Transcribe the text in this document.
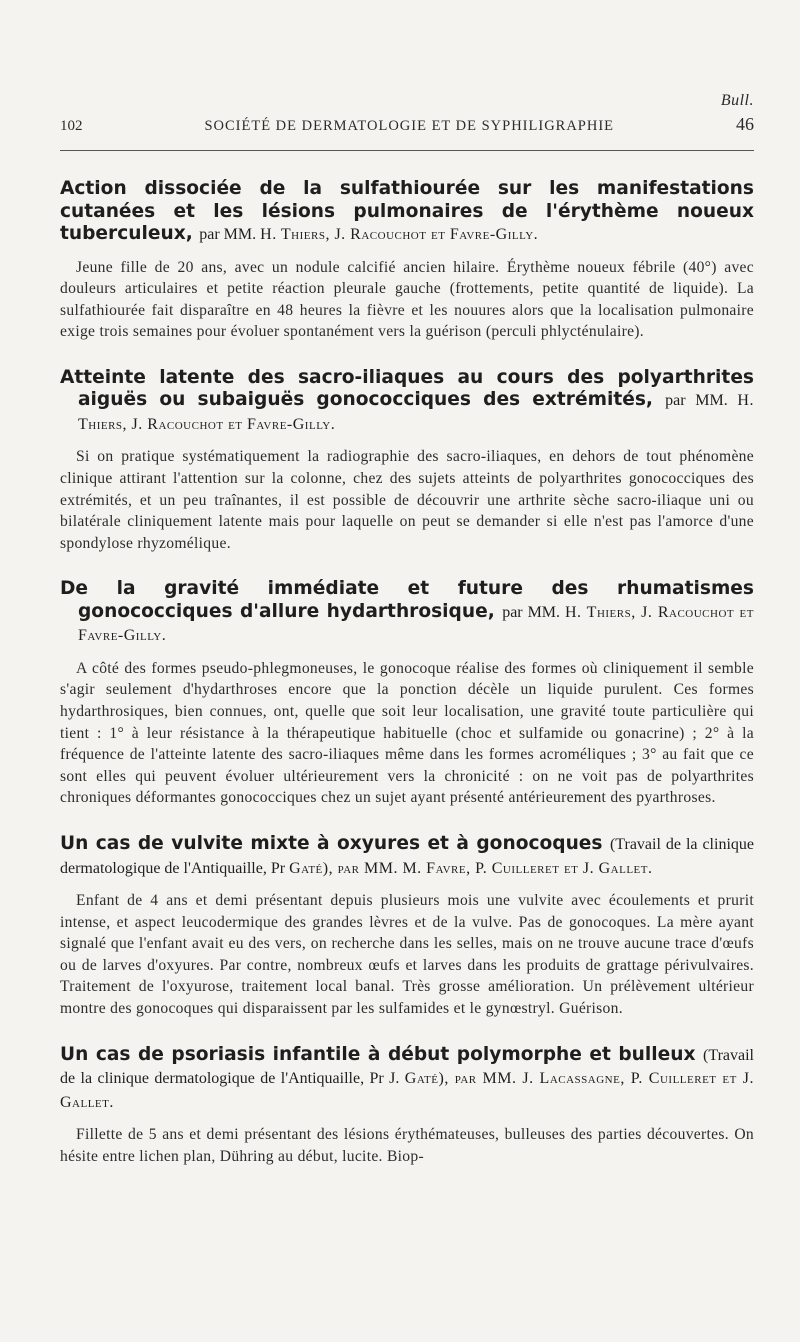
Bull.
102	SOCIÉTÉ DE DERMATOLOGIE ET DE SYPHILIGRAPHIE	46

Action dissociée de la sulfathiourée sur les manifestations cutanées et les lésions pulmonaires de l'érythème noueux tuberculeux, par MM. H. Thiers, J. Racouchot et Favre-Gilly.

Jeune fille de 20 ans, avec un nodule calcifié ancien hilaire. Érythème noueux fébrile (40°) avec douleurs articulaires et petite réaction pleurale gauche (frottements, petite quantité de liquide). La sulfathiourée fait disparaître en 48 heures la fièvre et les nouures alors que la localisation pulmonaire exige trois semaines pour évoluer spontanément vers la guérison (perculi phlycténulaire).

Atteinte latente des sacro-iliaques au cours des polyarthrites aiguës ou subaiguës gonococciques des extrémités, par MM. H. Thiers, J. Racouchot et Favre-Gilly.

Si on pratique systématiquement la radiographie des sacro-iliaques, en dehors de tout phénomène clinique attirant l'attention sur la colonne, chez des sujets atteints de polyarthrites gonococciques des extrémités, et un peu traînantes, il est possible de découvrir une arthrite sèche sacro-iliaque uni ou bilatérale cliniquement latente mais pour laquelle on peut se demander si elle n'est pas l'amorce d'une spondylose rhyzomélique.

De la gravité immédiate et future des rhumatismes gonococciques d'allure hydarthrosique, par MM. H. Thiers, J. Racouchot et Favre-Gilly.

A côté des formes pseudo-phlegmoneuses, le gonocoque réalise des formes où cliniquement il semble s'agir seulement d'hydarthroses encore que la ponction décèle un liquide purulent. Ces formes hydarthrosiques, bien connues, ont, quelle que soit leur localisation, une gravité toute particulière qui tient : 1° à leur résistance à la thérapeutique habituelle (choc et sulfamide ou gonacrine) ; 2° à la fréquence de l'atteinte latente des sacro-iliaques même dans les formes acroméliques ; 3° au fait que ce sont elles qui peuvent évoluer ultérieurement vers la chronicité : on ne voit pas de polyarthrites chroniques déformantes gonococciques chez un sujet ayant présenté antérieurement des pyarthroses.

Un cas de vulvite mixte à oxyures et à gonocoques (Travail de la clinique dermatologique de l'Antiquaille, Pr Gaté), par MM. M. Favre, P. Cuilleret et J. Gallet.

Enfant de 4 ans et demi présentant depuis plusieurs mois une vulvite avec écoulements et prurit intense, et aspect leucodermique des grandes lèvres et de la vulve. Pas de gonocoques. La mère ayant signalé que l'enfant avait eu des vers, on recherche dans les selles, mais on ne trouve aucune trace d'œufs ou de larves d'oxyures. Par contre, nombreux œufs et larves dans les produits de grattage périvulvaires. Traitement de l'oxyurose, traitement local banal. Très grosse amélioration. Un prélèvement ultérieur montre des gonocoques qui disparaissent par les sulfamides et le gynœstryl. Guérison.

Un cas de psoriasis infantile à début polymorphe et bulleux (Travail de la clinique dermatologique de l'Antiquaille, Pr J. Gaté), par MM. J. Lacassagne, P. Cuilleret et J. Gallet.

Fillette de 5 ans et demi présentant des lésions érythémateuses, bulleuses des parties découvertes. On hésite entre lichen plan, Dühring au début, lucite. Biop-
